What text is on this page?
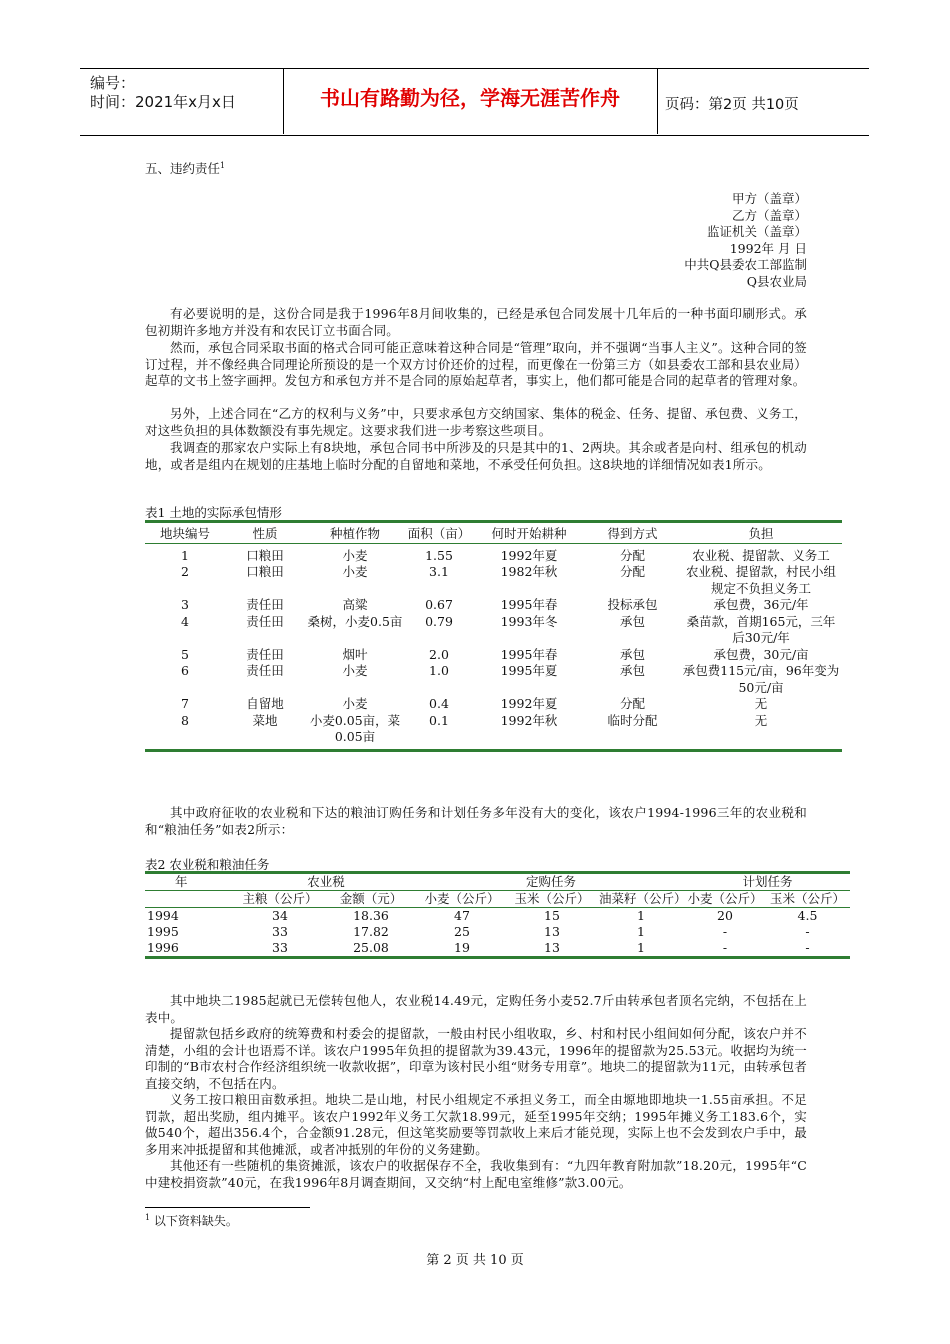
编号：
时间：2021年x月x日	书山有路勤为径，学海无涯苦作舟	页码：第2页 共10页
五、违约责任$^1$
甲方（盖章）
乙方（盖章）
监证机关（盖章）
1992年 月 日
中共Q县委农工部监制
Q县农业局
有必要说明的是，这份合同是我于1996年8月间收集的，已经是承包合同发展十几年后的一种书面印刷形式。承包初期许多地方并没有和农民订立书面合同。
然而，承包合同采取书面的格式合同可能正意味着这种合同是“管理”取向，并不强调“当事人主义”。这种合同的签订过程，并不像经典合同理论所预设的是一个双方讨价还价的过程，而更像在一份第三方（如县委农工部和县农业局）起草的文书上签字画押。发包方和承包方并不是合同的原始起草者，事实上，他们都可能是合同的起草者的管理对象。
另外，上述合同在“乙方的权利与义务”中，只要求承包方交纳国家、集体的税金、任务、提留、承包费、义务工，对这些负担的具体数额没有事先规定。这要求我们进一步考察这些项目。
我调查的那家农户实际上有8块地，承包合同书中所涉及的只是其中的1、2两块。其余或者是向村、组承包的机动地，或者是组内在规划的庄基地上临时分配的自留地和菜地，不承受任何负担。这8块地的详细情况如表1所示。
表1 土地的实际承包情形
地块编号	性质	种植作物	面积（亩）	何时开始耕种	得到方式	负担
1	口粮田	小麦	1.55	1992年夏	分配	农业税、提留款、义务工
2	口粮田	小麦	3.1	1982年秋	分配	农业税、提留款，村民小组规定不负担义务工
3	责任田	高粱	0.67	1995年春	投标承包	承包费，36元/年
4	责任田	桑树，小麦0.5亩	0.79	1993年冬	承包	桑苗款，首期165元，三年后30元/年
5	责任田	烟叶	2.0	1995年春	承包	承包费，30元/亩
6	责任田	小麦	1.0	1995年夏	承包	承包费115元/亩，96年变为50元/亩
7	自留地	小麦	0.4	1992年夏	分配	无
8	菜地	小麦0.05亩，菜0.05亩	0.1	1992年秋	临时分配	无

其中政府征收的农业税和下达的粮油订购任务和计划任务多年没有大的变化，该农户1994-1996三年的农业税和和“粮油任务”如表2所示：
表2 农业税和粮油任务
年	农业税		定购任务			计划任务	
	主粮（公斤）	金额（元）	小麦（公斤）	玉米（公斤）	油菜籽（公斤）	小麦（公斤）	玉米（公斤）
1994	34	18.36	47	15	1	20	4.5
1995	33	17.82	25	13	1	-	-
1996	33	25.08	19	13	1	-	-

其中地块二1985起就已无偿转包他人，农业税14.49元，定购任务小麦52.7斤由转承包者顶名完纳，不包括在上表中。
提留款包括乡政府的统筹费和村委会的提留款，一般由村民小组收取，乡、村和村民小组间如何分配，该农户并不清楚，小组的会计也语焉不详。该农户1995年负担的提留款为39.43元，1996年的提留款为25.53元。收据均为统一印制的“B市农村合作经济组织统一收款收据”，印章为该村民小组“财务专用章”。地块二的提留款为11元，由转承包者直接交纳，不包括在内。
义务工按口粮田亩数承担。地块二是山地，村民小组规定不承担义务工，而全由塬地即地块一1.55亩承担。不足罚款，超出奖励，组内摊平。该农户1992年义务工欠款18.99元，延至1995年交纳；1995年摊义务工183.6个，实做540个，超出356.4个，合金额91.28元，但这笔奖励要等罚款收上来后才能兑现，实际上也不会发到农户手中，最多用来冲抵提留和其他摊派，或者冲抵别的年份的义务建勤。
其他还有一些随机的集资摊派，该农户的收据保存不全，我收集到有：“九四年教育附加款”18.20元，1995年“C中建校捐资款”40元，在我1996年8月调查期间，又交纳“村上配电室维修”款3.00元。
$^1$ 以下资料缺失。
第 2 页 共 10 页
